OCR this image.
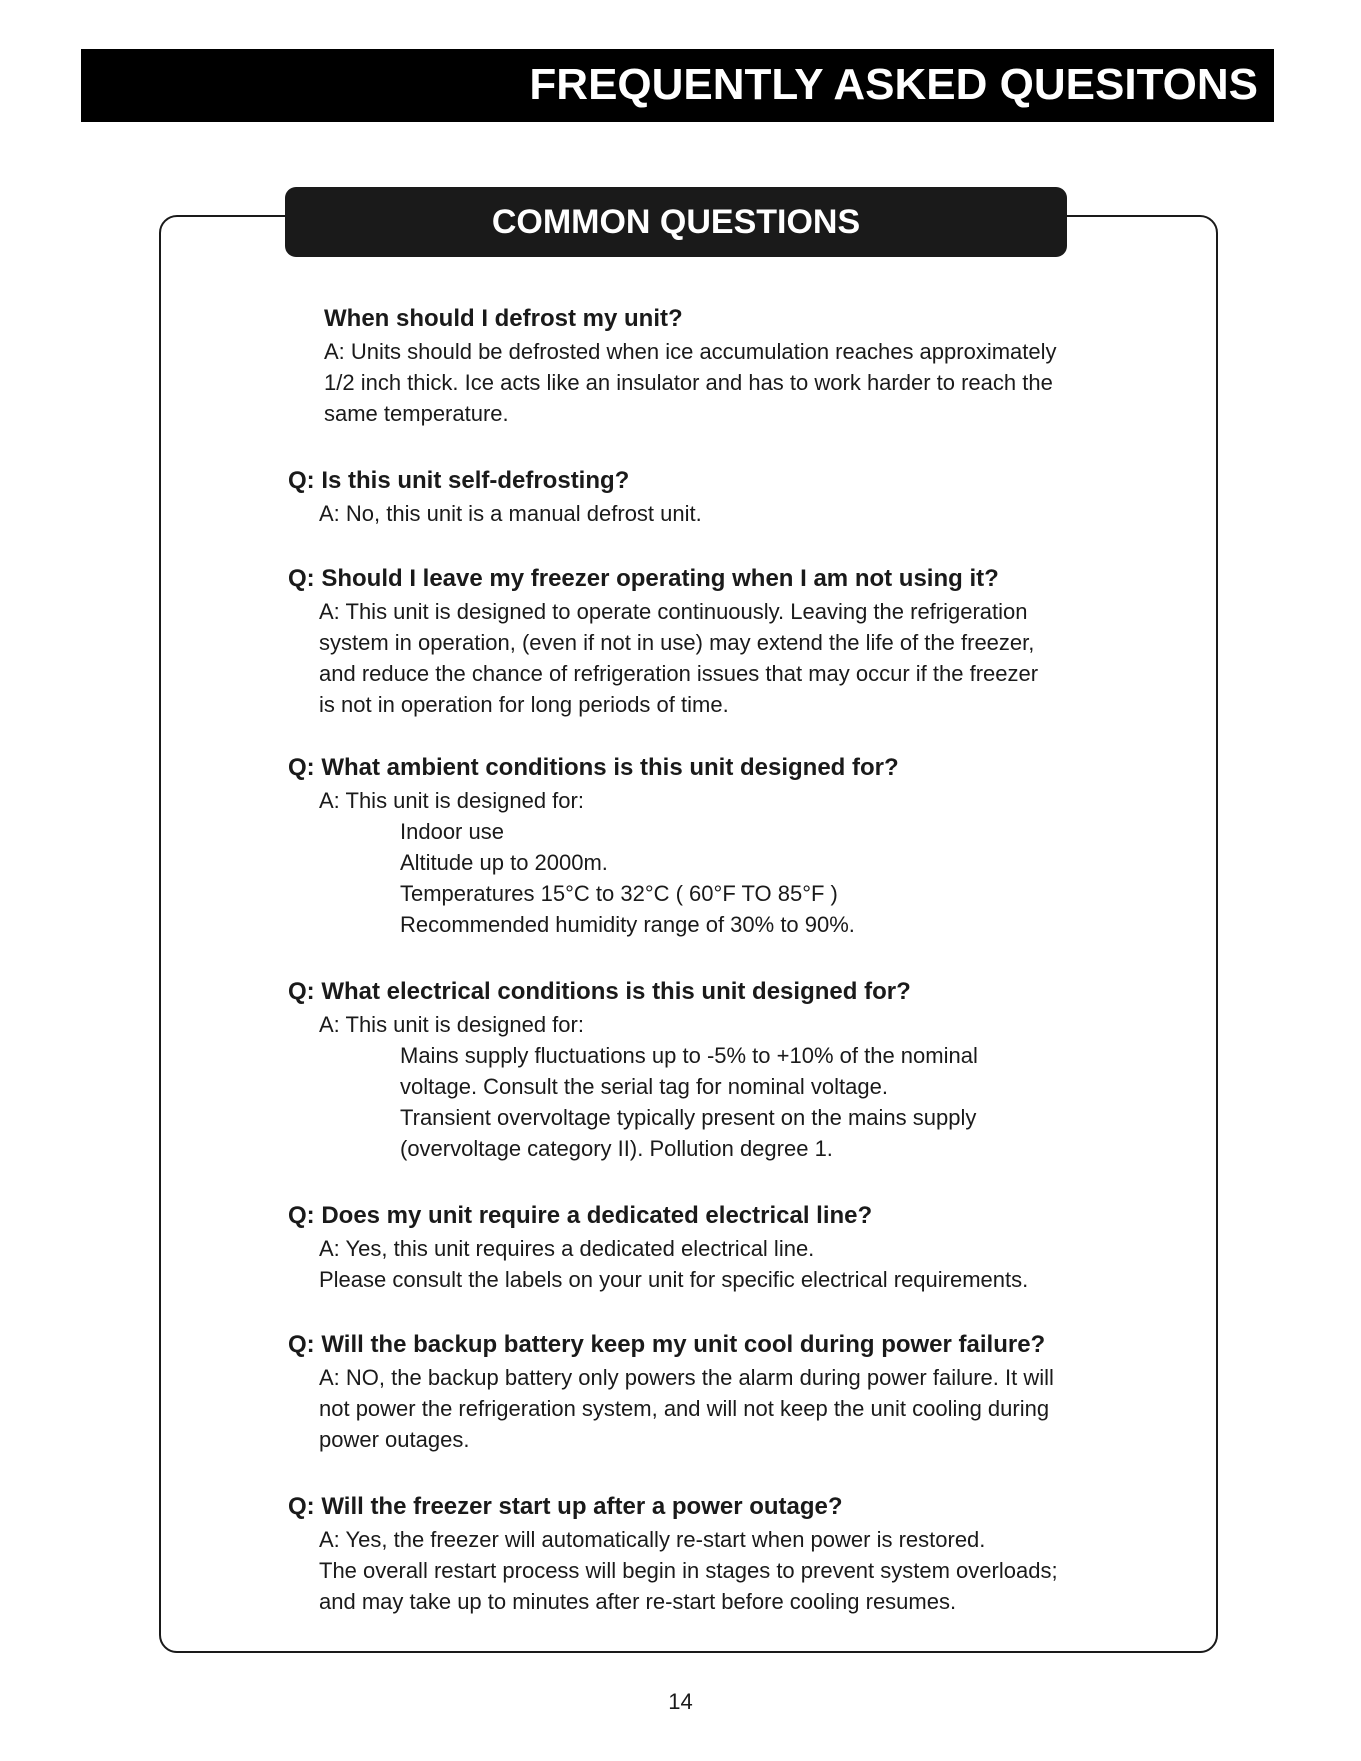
FREQUENTLY ASKED QUESITONS
COMMON QUESTIONS
When should I defrost my unit?
A: Units should be defrosted when ice accumulation reaches approximately
1/2 inch thick. Ice acts like an insulator and has to work harder to reach the
same temperature.
Q: Is this unit self-defrosting?
A: No, this unit is a manual defrost unit.
Q: Should I leave my freezer operating when I am not using it?
A: This unit is designed to operate continuously. Leaving the refrigeration
system in operation, (even if not in use) may extend the life of the freezer,
and reduce the chance of refrigeration issues that may occur if the freezer
is not in operation for long periods of time.
Q: What ambient conditions is this unit designed for?
A: This unit is designed for:
Indoor use
Altitude up to 2000m.
Temperatures 15°C to 32°C ( 60°F TO 85°F )
Recommended humidity range of 30% to 90%.
Q: What electrical conditions is this unit designed for?
A: This unit is designed for:
Mains supply fluctuations up to -5% to +10% of the nominal
voltage. Consult the serial tag for nominal voltage.
Transient overvoltage typically present on the mains supply
(overvoltage category II). Pollution degree 1.
Q: Does my unit require a dedicated electrical line?
A: Yes, this unit requires a dedicated electrical line.
Please consult the labels on your unit for specific electrical requirements.
Q: Will the backup battery keep my unit cool during power failure?
A: NO, the backup battery only powers the alarm during power failure. It will
not power the refrigeration system, and will not keep the unit cooling during
power outages.
Q: Will the freezer start up after a power outage?
A: Yes, the freezer will automatically re-start when power is restored.
The overall restart process will begin in stages to prevent system overloads;
and may take up to minutes after re-start before cooling resumes.
14
